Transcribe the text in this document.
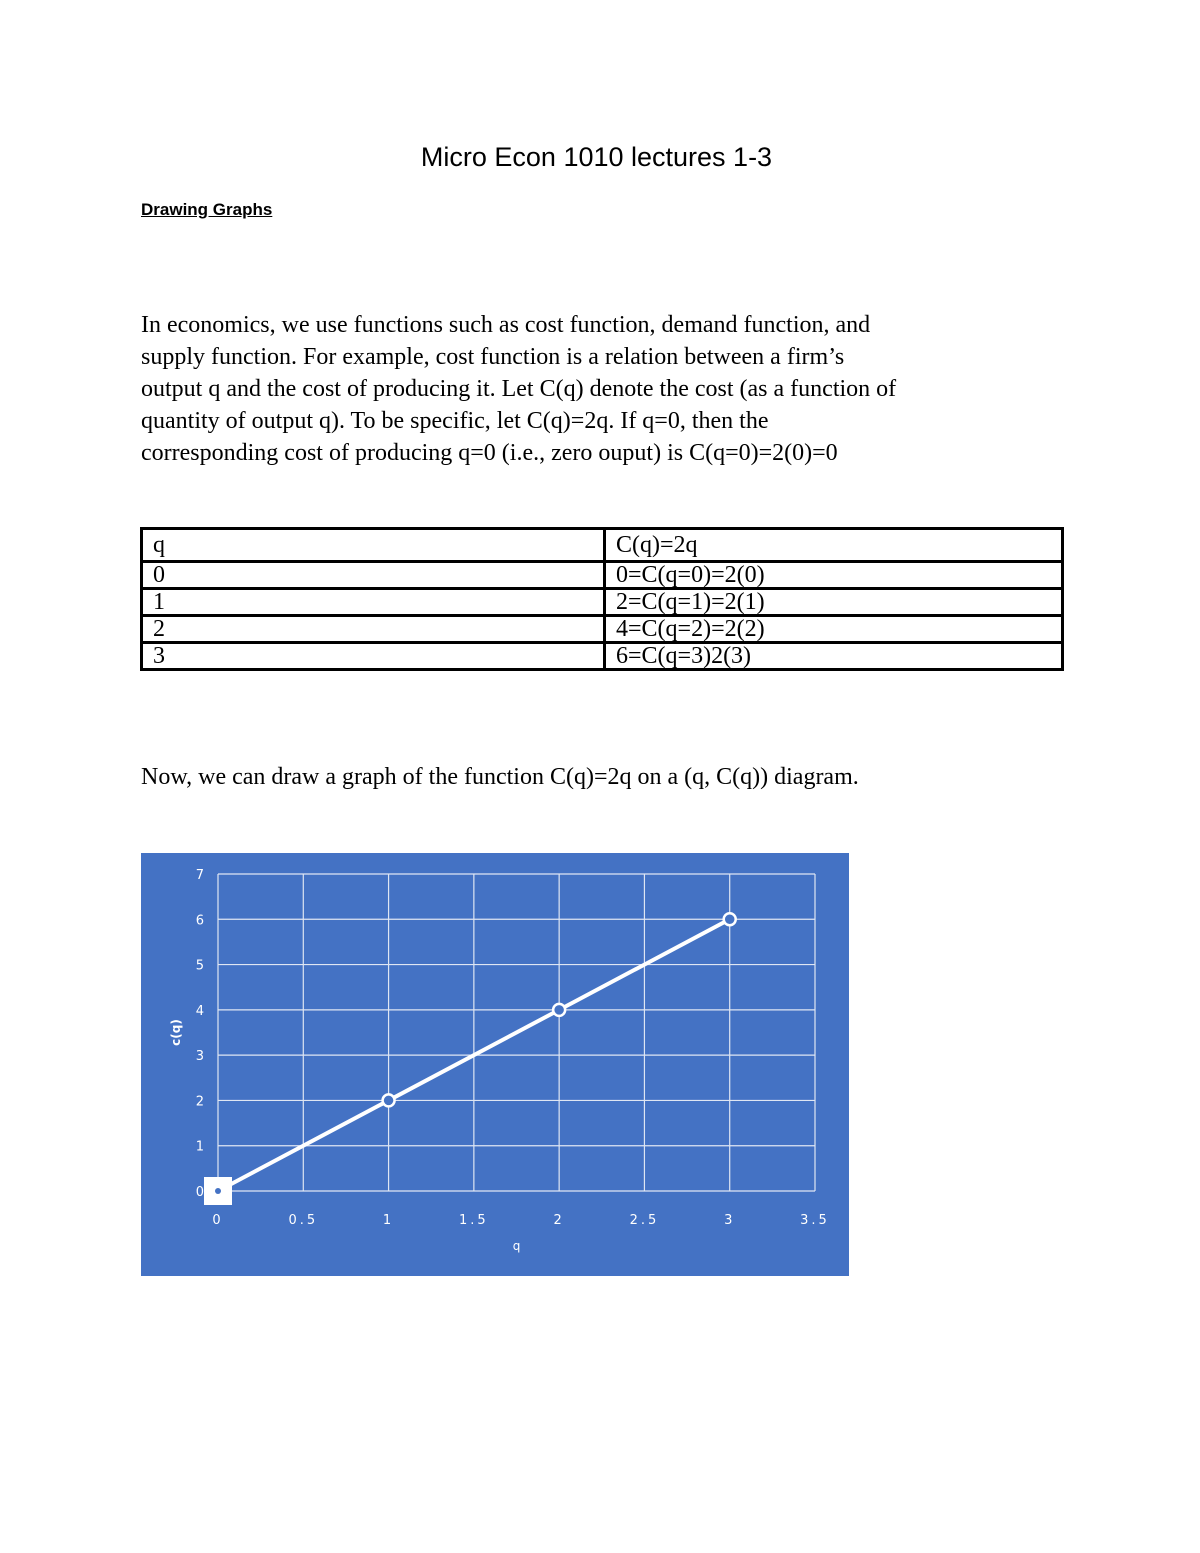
Micro Econ 1010 lectures 1-3
Drawing Graphs

In economics, we use functions such as cost function, demand function, and
supply function. For example, cost function is a relation between a firm’s
output q and the cost of producing it. Let C(q) denote the cost (as a function of
quantity of output q). To be specific, let C(q)=2q. If q=0, then the
corresponding cost of producing q=0 (i.e., zero ouput) is C(q=0)=2(0)=0

q	C(q)=2q
0	0=C(q=0)=2(0)
1	2=C(q=1)=2(1)
2	4=C(q=2)=2(2)
3	6=C(q=3)2(3)

Now, we can draw a graph of the function C(q)=2q on a (q, C(q)) diagram.

0	0.5	1	1.5	2	2.5	3	3.5
0
1
2
3
4
5
6
7
q
c(q)
